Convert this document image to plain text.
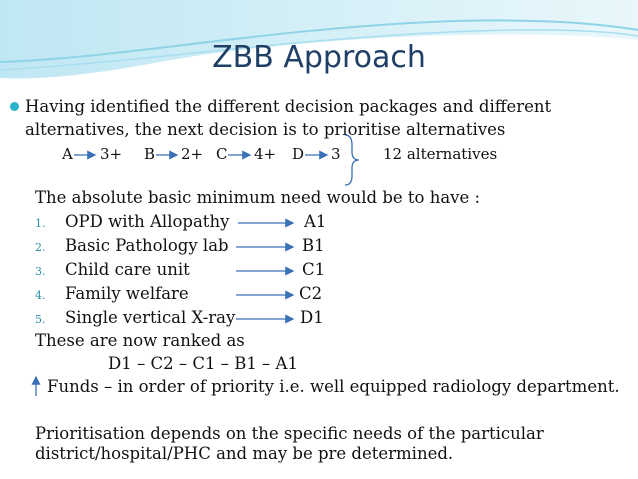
ZBB Approach
Having identified the different decision packages and different
alternatives, the next decision is to prioritise alternatives
A 3+ B 2+ C 4+ D 3	12 alternatives
The absolute basic minimum need would be to have :
1. OPD with Allopathy	A1
2. Basic Pathology lab	B1
3. Child care unit	C1
4. Family welfare	C2
5. Single vertical X-ray	D1
These are now ranked as
D1 – C2 – C1 – B1 – A1
Funds – in order of priority i.e. well equipped radiology department.
Prioritisation depends on the specific needs of the particular
district/hospital/PHC and may be pre determined.
